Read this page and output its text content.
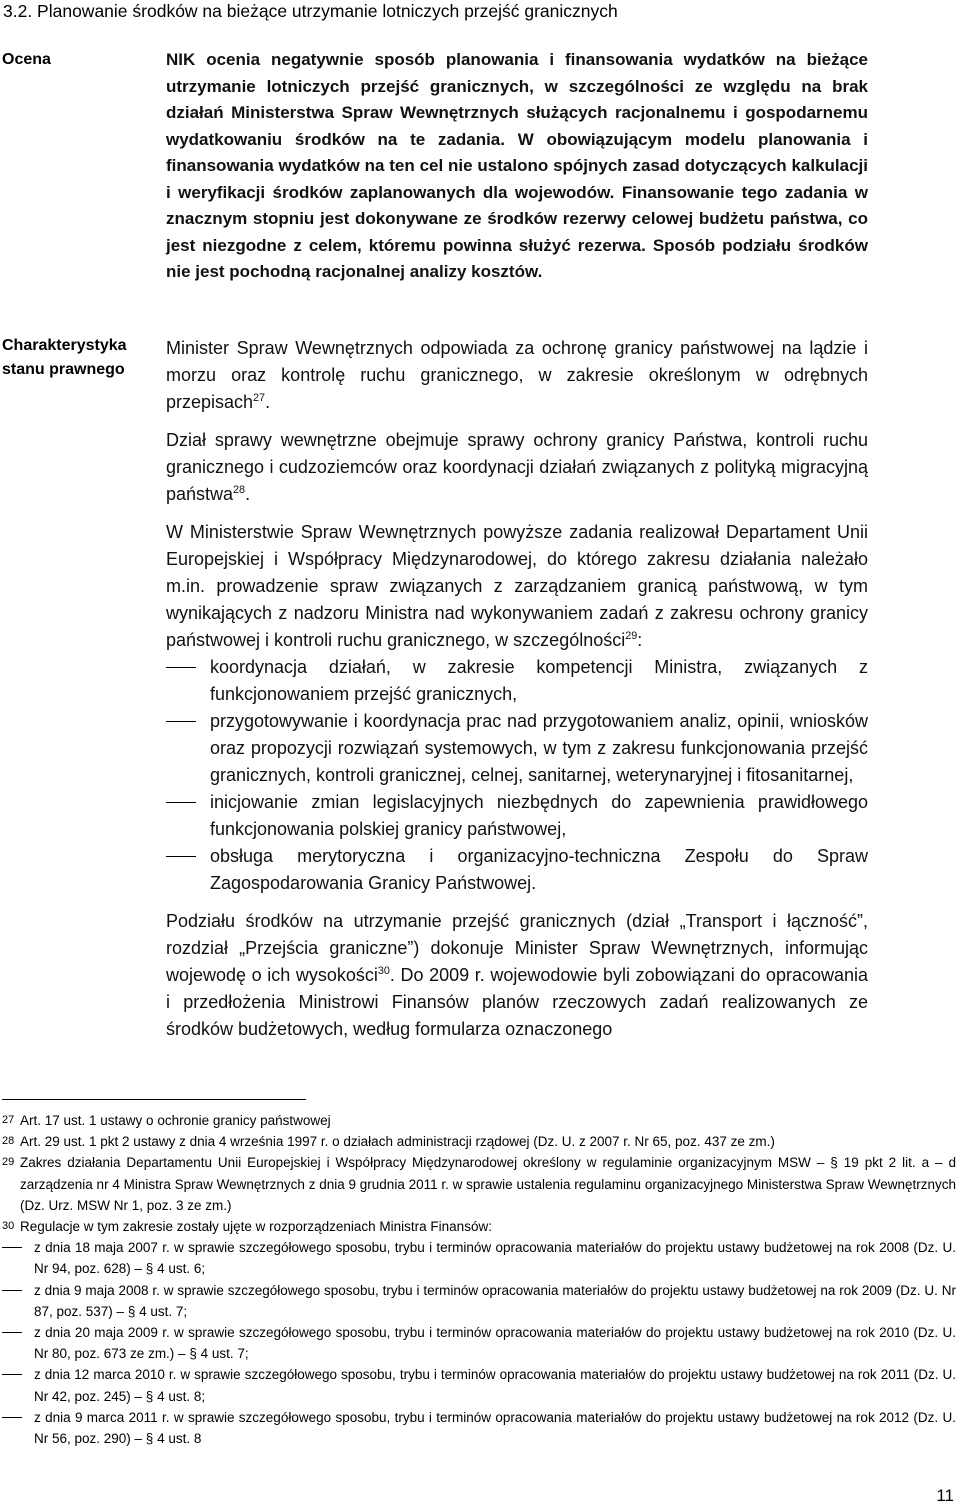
3.2. Planowanie środków na bieżące utrzymanie lotniczych przejść granicznych
Ocena	NIK ocenia negatywnie sposób planowania i finansowania wydatków na bieżące utrzymanie lotniczych przejść granicznych, w szczególności ze względu na brak działań Ministerstwa Spraw Wewnętrznych służących racjonalnemu i gospodarnemu wydatkowaniu środków na te zadania. W obowiązującym modelu planowania i finansowania wydatków na ten cel nie ustalono spójnych zasad dotyczących kalkulacji i weryfikacji środków zaplanowanych dla wojewodów. Finansowanie tego zadania w znacznym stopniu jest dokonywane ze środków rezerwy celowej budżetu państwa, co jest niezgodne z celem, któremu powinna służyć rezerwa. Sposób podziału środków nie jest pochodną racjonalnej analizy kosztów.
Charakterystyka stanu prawnego

Minister Spraw Wewnętrznych odpowiada za ochronę granicy państwowej na lądzie i morzu oraz kontrolę ruchu granicznego, w zakresie określonym w odrębnych przepisach$^{27}$.

Dział sprawy wewnętrzne obejmuje sprawy ochrony granicy Państwa, kontroli ruchu granicznego i cudzoziemców oraz koordynacji działań związanych z polityką migracyjną państwa$^{28}$.

W Ministerstwie Spraw Wewnętrznych powyższe zadania realizował Departament Unii Europejskiej i Współpracy Międzynarodowej, do którego zakresu działania należało m.in. prowadzenie spraw związanych z zarządzaniem granicą państwową, w tym wynikających z nadzoru Ministra nad wykonywaniem zadań z zakresu ochrony granicy państwowej i kontroli ruchu granicznego, w szczególności$^{29}$:

koordynacja działań, w zakresie kompetencji Ministra, związanych z funkcjonowaniem przejść granicznych,
przygotowywanie i koordynacja prac nad przygotowaniem analiz, opinii, wniosków oraz propozycji rozwiązań systemowych, w tym z zakresu funkcjonowania przejść granicznych, kontroli granicznej, celnej, sanitarnej, weterynaryjnej i fitosanitarnej,
inicjowanie zmian legislacyjnych niezbędnych do zapewnienia prawidłowego funkcjonowania polskiej granicy państwowej,
obsługa merytoryczna i organizacyjno-techniczna Zespołu do Spraw Zagospodarowania Granicy Państwowej.

Podziału środków na utrzymanie przejść granicznych (dział „Transport i łączność”, rozdział „Przejścia graniczne”) dokonuje Minister Spraw Wewnętrznych, informując wojewodę o ich wysokości$^{30}$. Do 2009 r. wojewodowie byli zobowiązani do opracowania i przedłożenia Ministrowi Finansów planów rzeczowych zadań realizowanych ze środków budżetowych, według formularza oznaczonego

27 Art. 17 ust. 1 ustawy o ochronie granicy państwowej

28 Art. 29 ust. 1 pkt 2 ustawy z dnia 4 września 1997 r. o działach administracji rządowej (Dz. U. z 2007 r. Nr 65, poz. 437 ze zm.)

29 Zakres działania Departamentu Unii Europejskiej i Współpracy Międzynarodowej określony w regulaminie organizacyjnym MSW – § 19 pkt 2 lit. a – d zarządzenia nr 4 Ministra Spraw Wewnętrznych z dnia 9 grudnia 2011 r. w sprawie ustalenia regulaminu organizacyjnego Ministerstwa Spraw Wewnętrznych (Dz. Urz. MSW Nr 1, poz. 3 ze zm.)

30 Regulacje w tym zakresie zostały ujęte w rozporządzeniach Ministra Finansów:

z dnia 18 maja 2007 r. w sprawie szczegółowego sposobu, trybu i terminów opracowania materiałów do projektu ustawy budżetowej na rok 2008 (Dz. U. Nr 94, poz. 628) – § 4 ust. 6;
z dnia 9 maja 2008 r. w sprawie szczegółowego sposobu, trybu i terminów opracowania materiałów do projektu ustawy budżetowej na rok 2009 (Dz. U. Nr 87, poz. 537) – § 4 ust. 7;
z dnia 20 maja 2009 r. w sprawie szczegółowego sposobu, trybu i terminów opracowania materiałów do projektu ustawy budżetowej na rok 2010 (Dz. U. Nr 80, poz. 673 ze zm.) – § 4 ust. 7;
z dnia 12 marca 2010 r. w sprawie szczegółowego sposobu, trybu i terminów opracowania materiałów do projektu ustawy budżetowej na rok 2011 (Dz. U. Nr 42, poz. 245) – § 4 ust. 8;
z dnia 9 marca 2011 r. w sprawie szczegółowego sposobu, trybu i terminów opracowania materiałów do projektu ustawy budżetowej na rok 2012 (Dz. U. Nr 56, poz. 290) – § 4 ust. 8
11
